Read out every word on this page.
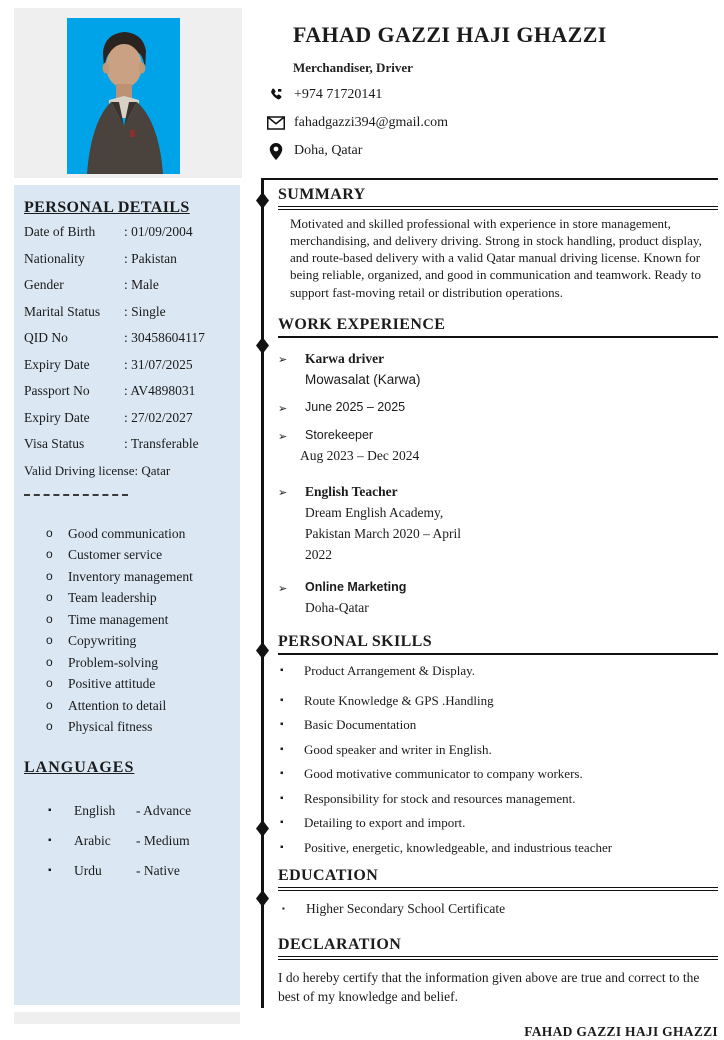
FAHAD GAZZI HAJI GHAZZI
Merchandiser, Driver
+974 71720141
fahadgazzi394@gmail.com
Doha, Qatar
PERSONAL DETAILS
Date of Birth	: 01/09/2004
Nationality	: Pakistan
Gender	: Male
Marital Status	: Single
QID No	: 30458604117
Expiry Date	: 31/07/2025
Passport No	: AV4898031
Expiry Date	: 27/02/2027
Visa Status	: Transferable
Valid Driving license: Qatar
o	Good communication
o	Customer service
o	Inventory management
o	Team leadership
o	Time management
o	Copywriting
o	Problem-solving
o	Positive attitude
o	Attention to detail
o	Physical fitness
LANGUAGES
▪	English	- Advance
▪	Arabic	- Medium
▪	Urdu	- Native
SUMMARY
Motivated and skilled professional with experience in store management, merchandising, and delivery driving. Strong in stock handling, product display, and route-based delivery with a valid Qatar manual driving license. Known for being reliable, organized, and good in communication and teamwork. Ready to support fast-moving retail or distribution operations.
WORK EXPERIENCE
➢	Karwa driver
Mowasalat (Karwa)
➢	June 2025 – 2025
➢	Storekeeper
Aug 2023 – Dec 2024
➢	English Teacher
Dream English Academy,
Pakistan March 2020 – April
2022
➢	Online Marketing
Doha-Qatar
PERSONAL SKILLS
▪	Product Arrangement & Display.
▪	Route Knowledge & GPS .Handling
▪	Basic Documentation
▪	Good speaker and writer in English.
▪	Good motivative communicator to company workers.
▪	Responsibility for stock and resources management.
▪	Detailing to export and import.
▪	Positive, energetic, knowledgeable, and industrious teacher
EDUCATION
▪	Higher Secondary School Certificate
DECLARATION
I do hereby certify that the information given above are true and correct to the best of my knowledge and belief.
FAHAD GAZZI HAJI GHAZZI
